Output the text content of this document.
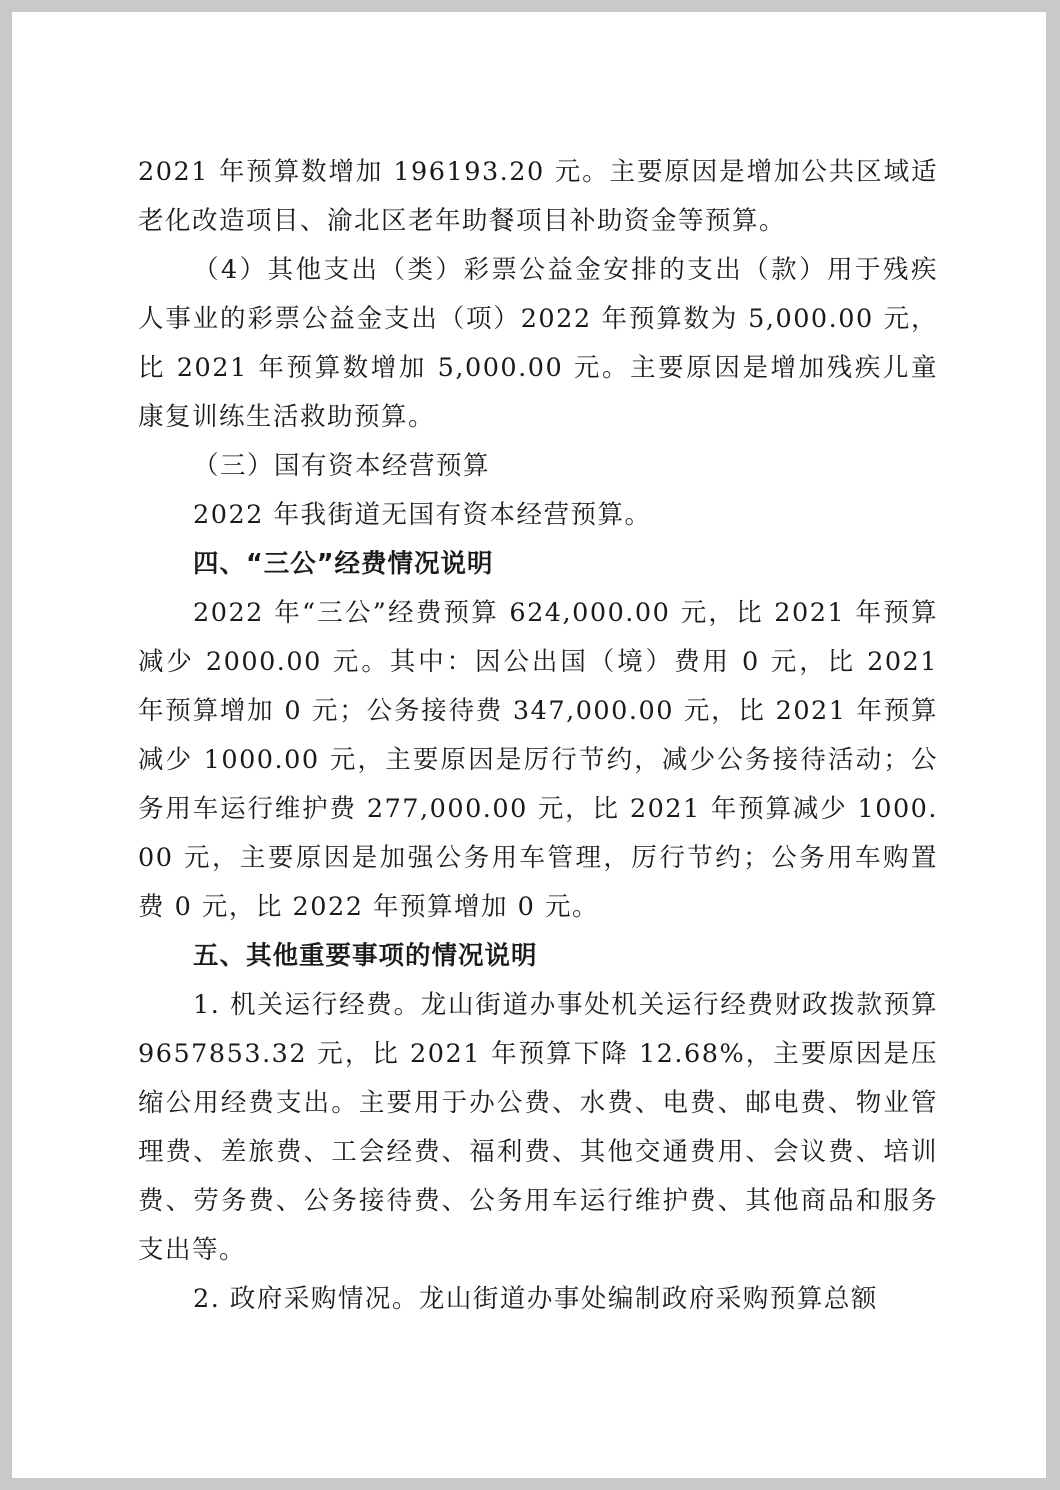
2021 年预算数增加 196193.20 元。主要原因是增加公共区域适老化改造项目、渝北区老年助餐项目补助资金等预算。

（4）其他支出（类）彩票公益金安排的支出（款）用于残疾人事业的彩票公益金支出（项）2022 年预算数为 5,000.00 元，比 2021 年预算数增加 5,000.00 元。主要原因是增加残疾儿童康复训练生活救助预算。

（三）国有资本经营预算

2022 年我街道无国有资本经营预算。

四、“三公”经费情况说明

2022 年“三公”经费预算 624,000.00 元，比 2021 年预算减少 2000.00 元。其中：因公出国（境）费用 0 元，比 2021 年预算增加 0 元；公务接待费 347,000.00 元，比 2021 年预算减少 1000.00 元，主要原因是厉行节约，减少公务接待活动；公务用车运行维护费 277,000.00 元，比 2021 年预算减少 1000.00 元，主要原因是加强公务用车管理，厉行节约；公务用车购置费 0 元，比 2022 年预算增加 0 元。

五、其他重要事项的情况说明

1. 机关运行经费。龙山街道办事处机关运行经费财政拨款预算 9657853.32 元，比 2021 年预算下降 12.68%，主要原因是压缩公用经费支出。主要用于办公费、水费、电费、邮电费、物业管理费、差旅费、工会经费、福利费、其他交通费用、会议费、培训费、劳务费、公务接待费、公务用车运行维护费、其他商品和服务支出等。

2. 政府采购情况。龙山街道办事处编制政府采购预算总额
